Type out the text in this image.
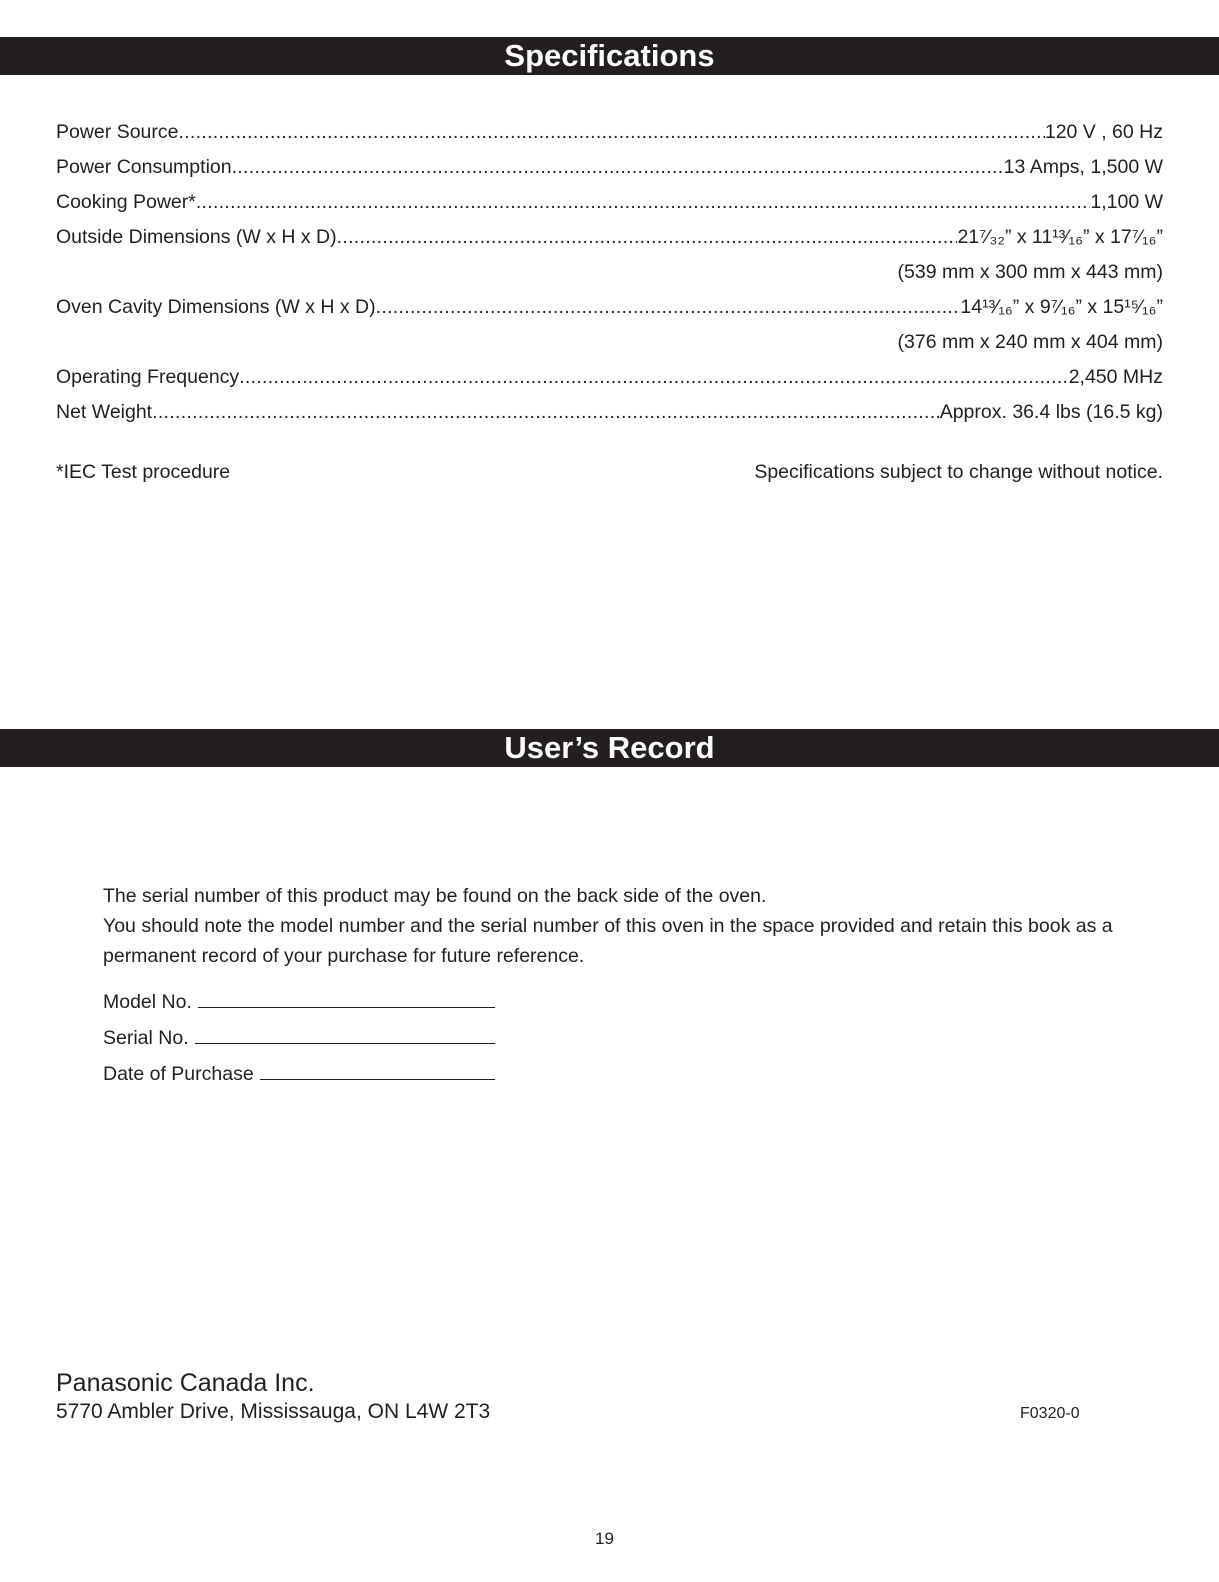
Specifications
Power Source .....	120 V , 60 Hz
Power Consumption .....	13 Amps, 1,500 W
Cooking Power* .....	1,100 W
Outside Dimensions (W x H x D) .....	21⁷⁄₃₂” x 11¹³⁄₁₆” x 17⁷⁄₁₆”
(539 mm x 300 mm x 443 mm)
Oven Cavity Dimensions (W x H x D) .....	14¹³⁄₁₆” x 9⁷⁄₁₆” x 15¹⁵⁄₁₆”
(376 mm x 240 mm x 404 mm)
Operating Frequency .....	2,450 MHz
Net Weight .....	Approx. 36.4 lbs (16.5 kg)
*IEC Test procedure	Specifications subject to change without notice.
User’s Record

The serial number of this product may be found on the back side of the oven.

You should note the model number and the serial number of this oven in the space provided and retain this book as a permanent record of your purchase for future reference.

Model No.
Serial No.
Date of Purchase
Panasonic Canada Inc.
5770 Ambler Drive, Mississauga, ON L4W 2T3	F0320-0
19
